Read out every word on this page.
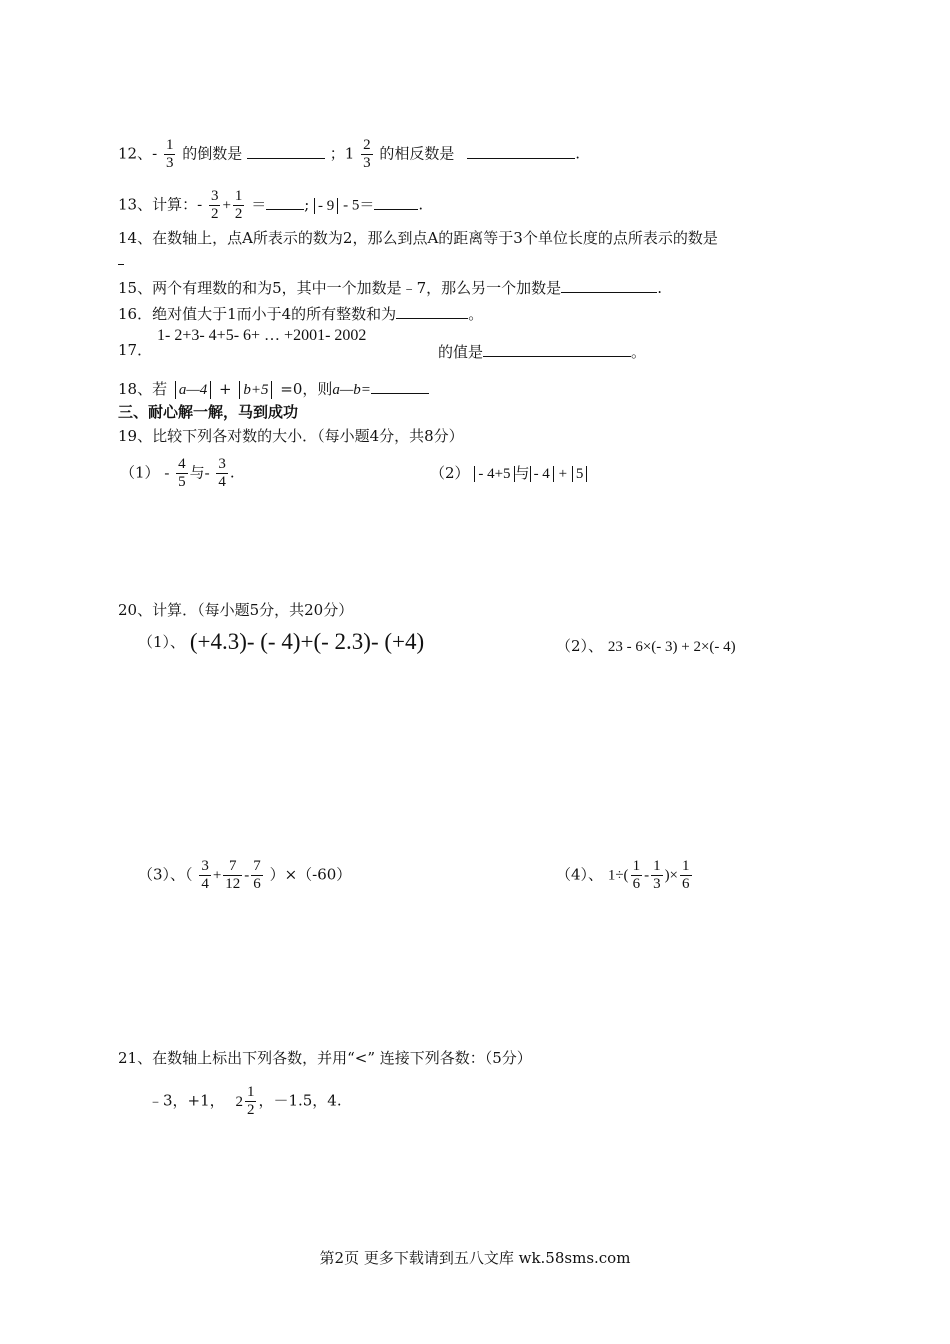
12、- $\frac{1}{3}$ 的倒数是	；$1 \frac{2}{3}$ 的相反数是	.
13、计算：- $\frac{3}{2} + \frac{1}{2}$ ＝	; - 9 - 5＝	.
14、在数轴上，点A所表示的数为2，那么到点A的距离等于3个单位长度的点所表示的数是
15、两个有理数的和为5，其中一个加数是﹣7，那么另一个加数是	.
16．绝对值大于1而小于4的所有整数和为	。
17．
1- 2+3- 4+5- 6+ … +2001- 2002
的值是	。
18、若 a—4 + b+5 =0，则a—b=
三、耐心解一解，马到成功
19、比较下列各对数的大小．（每小题4分，共8分）
$(1) - \frac{4}{5}$ 与- $\frac{3}{4}$ .	（2） - 4+5 与 - 4 + 5
20、计算．（每小题5分，共20分）
（1）、 (+4.3)- (- 4)+(- 2.3)- (+4)	（2）、 23 - 6×(- 3) + 2×(- 4)
（3）、（ $\frac{3}{4} + \frac{7}{12} - \frac{7}{6} )\times(-60)$	（4）、 $1\div( \frac{1}{6} - \frac{1}{3}$ )× $\frac{1}{6}$
21、在数轴上标出下列各数，并用“<” 连接下列各数：（5分）
﹣3，+1， $2 \frac{1}{2}$ ，－1.5，4.
第2页 更多下载请到五八文库 wk.58sms.com
